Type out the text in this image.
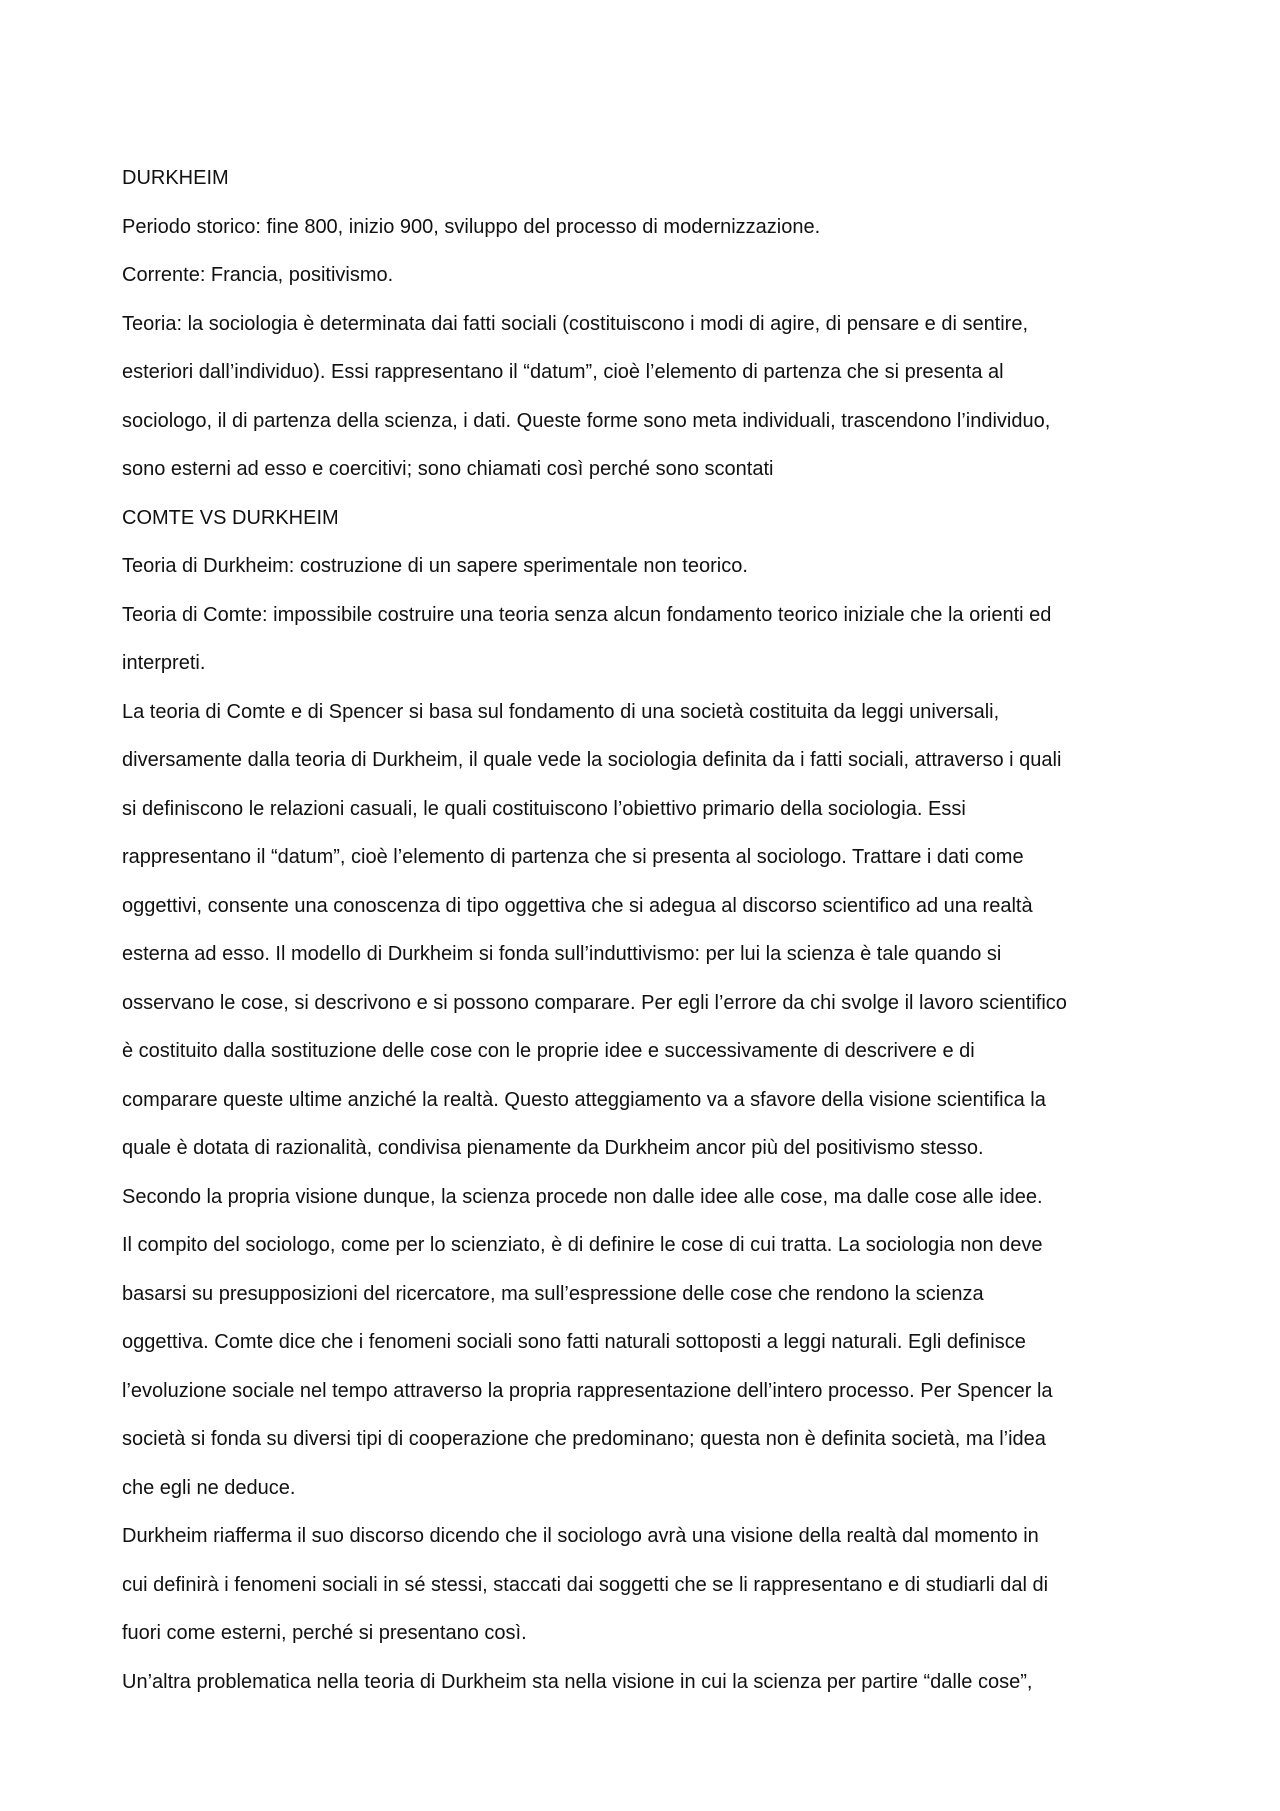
DURKHEIM
Periodo storico: fine 800, inizio 900, sviluppo del processo di modernizzazione.
Corrente: Francia, positivismo.
Teoria: la sociologia è determinata dai fatti sociali (costituiscono i modi di agire, di pensare e di sentire,
esteriori dall’individuo). Essi rappresentano il “datum”, cioè l’elemento di partenza che si presenta al
sociologo, il di partenza della scienza, i dati. Queste forme sono meta individuali, trascendono l’individuo,
sono esterni ad esso e coercitivi; sono chiamati così perché sono scontati
COMTE VS DURKHEIM
Teoria di Durkheim: costruzione di un sapere sperimentale non teorico.
Teoria di Comte: impossibile costruire una teoria senza alcun fondamento teorico iniziale che la orienti ed
interpreti.
La teoria di Comte e di Spencer si basa sul fondamento di una società costituita da leggi universali,
diversamente dalla teoria di Durkheim, il quale vede la sociologia definita da i fatti sociali, attraverso i quali
si definiscono le relazioni casuali, le quali costituiscono l’obiettivo primario della sociologia. Essi
rappresentano il “datum”, cioè l’elemento di partenza che si presenta al sociologo. Trattare i dati come
oggettivi, consente una conoscenza di tipo oggettiva che si adegua al discorso scientifico ad una realtà
esterna ad esso. Il modello di Durkheim si fonda sull’induttivismo: per lui la scienza è tale quando si
osservano le cose, si descrivono e si possono comparare. Per egli l’errore da chi svolge il lavoro scientifico
è costituito dalla sostituzione delle cose con le proprie idee e successivamente di descrivere e di
comparare queste ultime anziché la realtà. Questo atteggiamento va a sfavore della visione scientifica la
quale è dotata di razionalità, condivisa pienamente da Durkheim ancor più del positivismo stesso.
Secondo la propria visione dunque, la scienza procede non dalle idee alle cose, ma dalle cose alle idee.
Il compito del sociologo, come per lo scienziato, è di definire le cose di cui tratta. La sociologia non deve
basarsi su presupposizioni del ricercatore, ma sull’espressione delle cose che rendono la scienza
oggettiva. Comte dice che i fenomeni sociali sono fatti naturali sottoposti a leggi naturali. Egli definisce
l’evoluzione sociale nel tempo attraverso la propria rappresentazione dell’intero processo. Per Spencer la
società si fonda su diversi tipi di cooperazione che predominano; questa non è definita società, ma l’idea
che egli ne deduce.
Durkheim riafferma il suo discorso dicendo che il sociologo avrà una visione della realtà dal momento in
cui definirà i fenomeni sociali in sé stessi, staccati dai soggetti che se li rappresentano e di studiarli dal di
fuori come esterni, perché si presentano così.
Un’altra problematica nella teoria di Durkheim sta nella visione in cui la scienza per partire “dalle cose”,
